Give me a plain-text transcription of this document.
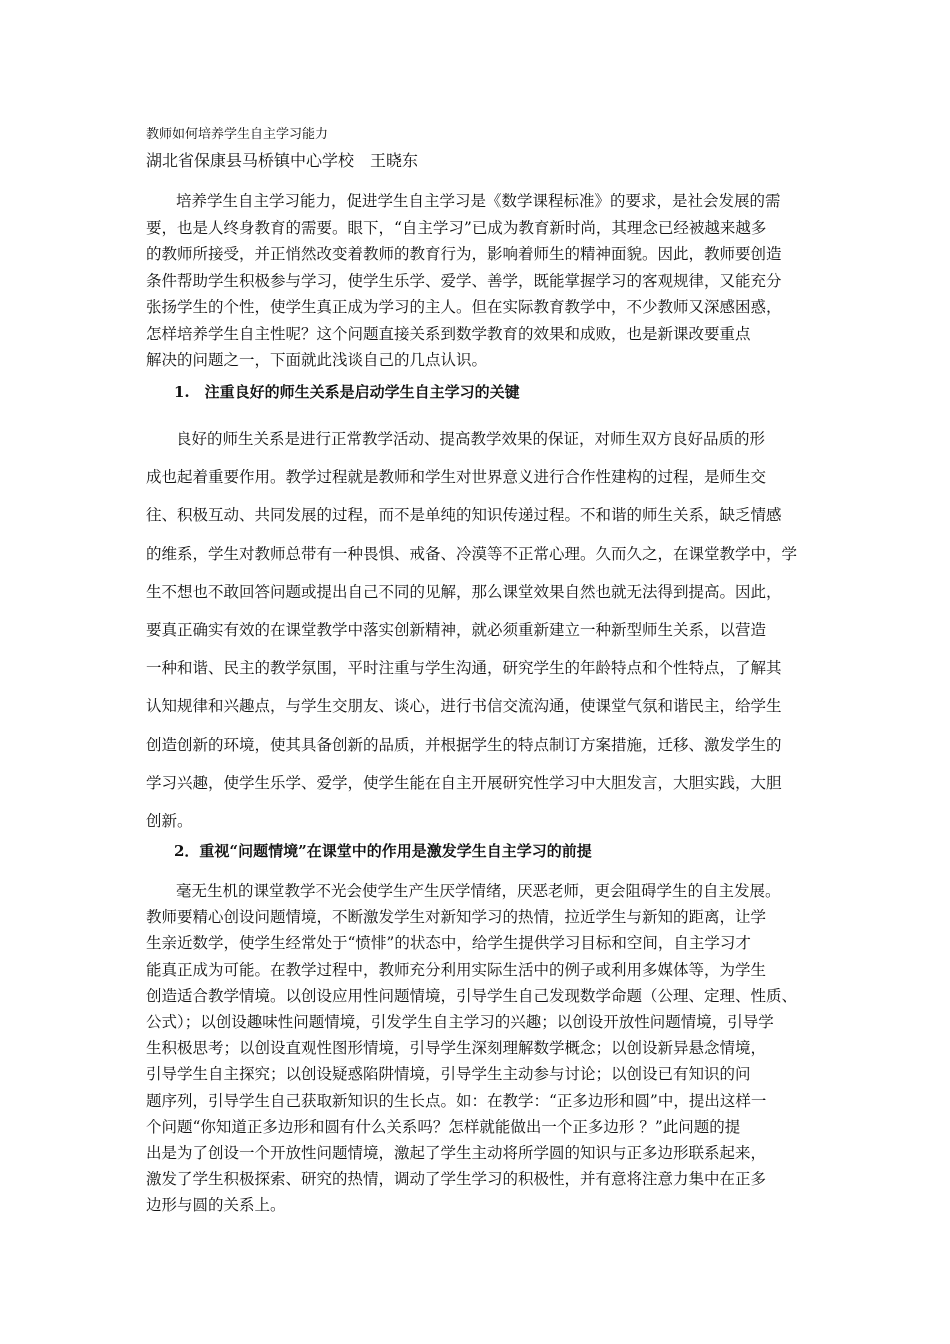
教师如何培养学生自主学习能力
湖北省保康县马桥镇中心学校　王晓东
培养学生自主学习能力，促进学生自主学习是《数学课程标准》的要求，是社会发展的需
要，也是人终身教育的需要。眼下，“自主学习”已成为教育新时尚，其理念已经被越来越多
的教师所接受，并正悄然改变着教师的教育行为，影响着师生的精神面貌。因此，教师要创造
条件帮助学生积极参与学习，使学生乐学、爱学、善学，既能掌握学习的客观规律，又能充分
张扬学生的个性，使学生真正成为学习的主人。但在实际教育教学中，不少教师又深感困惑，
怎样培养学生自主性呢？这个问题直接关系到数学教育的效果和成败，也是新课改要重点
解决的问题之一，下面就此浅谈自己的几点认识。
1.　注重良好的师生关系是启动学生自主学习的关键
良好的师生关系是进行正常教学活动、提高教学效果的保证，对师生双方良好品质的形
成也起着重要作用。教学过程就是教师和学生对世界意义进行合作性建构的过程，是师生交
往、积极互动、共同发展的过程，而不是单纯的知识传递过程。不和谐的师生关系，缺乏情感
的维系，学生对教师总带有一种畏惧、戒备、冷漠等不正常心理。久而久之，在课堂教学中，学
生不想也不敢回答问题或提出自己不同的见解，那么课堂效果自然也就无法得到提高。因此，
要真正确实有效的在课堂教学中落实创新精神，就必须重新建立一种新型师生关系，以营造
一种和谐、民主的教学氛围，平时注重与学生沟通，研究学生的年龄特点和个性特点，了解其
认知规律和兴趣点，与学生交朋友、谈心，进行书信交流沟通，使课堂气氛和谐民主，给学生
创造创新的环境，使其具备创新的品质，并根据学生的特点制订方案措施，迁移、激发学生的
学习兴趣，使学生乐学、爱学，使学生能在自主开展研究性学习中大胆发言，大胆实践，大胆
创新。
2．重视“问题情境”在课堂中的作用是激发学生自主学习的前提
毫无生机的课堂教学不光会使学生产生厌学情绪，厌恶老师，更会阻碍学生的自主发展。
教师要精心创设问题情境，不断激发学生对新知学习的热情，拉近学生与新知的距离，让学
生亲近数学，使学生经常处于“愤悱”的状态中，给学生提供学习目标和空间，自主学习才
能真正成为可能。在教学过程中，教师充分利用实际生活中的例子或利用多媒体等，为学生
创造适合教学情境。以创设应用性问题情境，引导学生自己发现数学命题（公理、定理、性质、
公式）；以创设趣味性问题情境，引发学生自主学习的兴趣；以创设开放性问题情境，引导学
生积极思考；以创设直观性图形情境，引导学生深刻理解数学概念；以创设新异悬念情境，
引导学生自主探究；以创设疑惑陷阱情境，引导学生主动参与讨论；以创设已有知识的问
题序列，引导学生自己获取新知识的生长点。如：在教学：“正多边形和圆”中，提出这样一
个问题“你知道正多边形和圆有什么关系吗？怎样就能做出一个正多边形 ？”此问题的提
出是为了创设一个开放性问题情境，激起了学生主动将所学圆的知识与正多边形联系起来，
激发了学生积极探索、研究的热情，调动了学生学习的积极性，并有意将注意力集中在正多
边形与圆的关系上。
